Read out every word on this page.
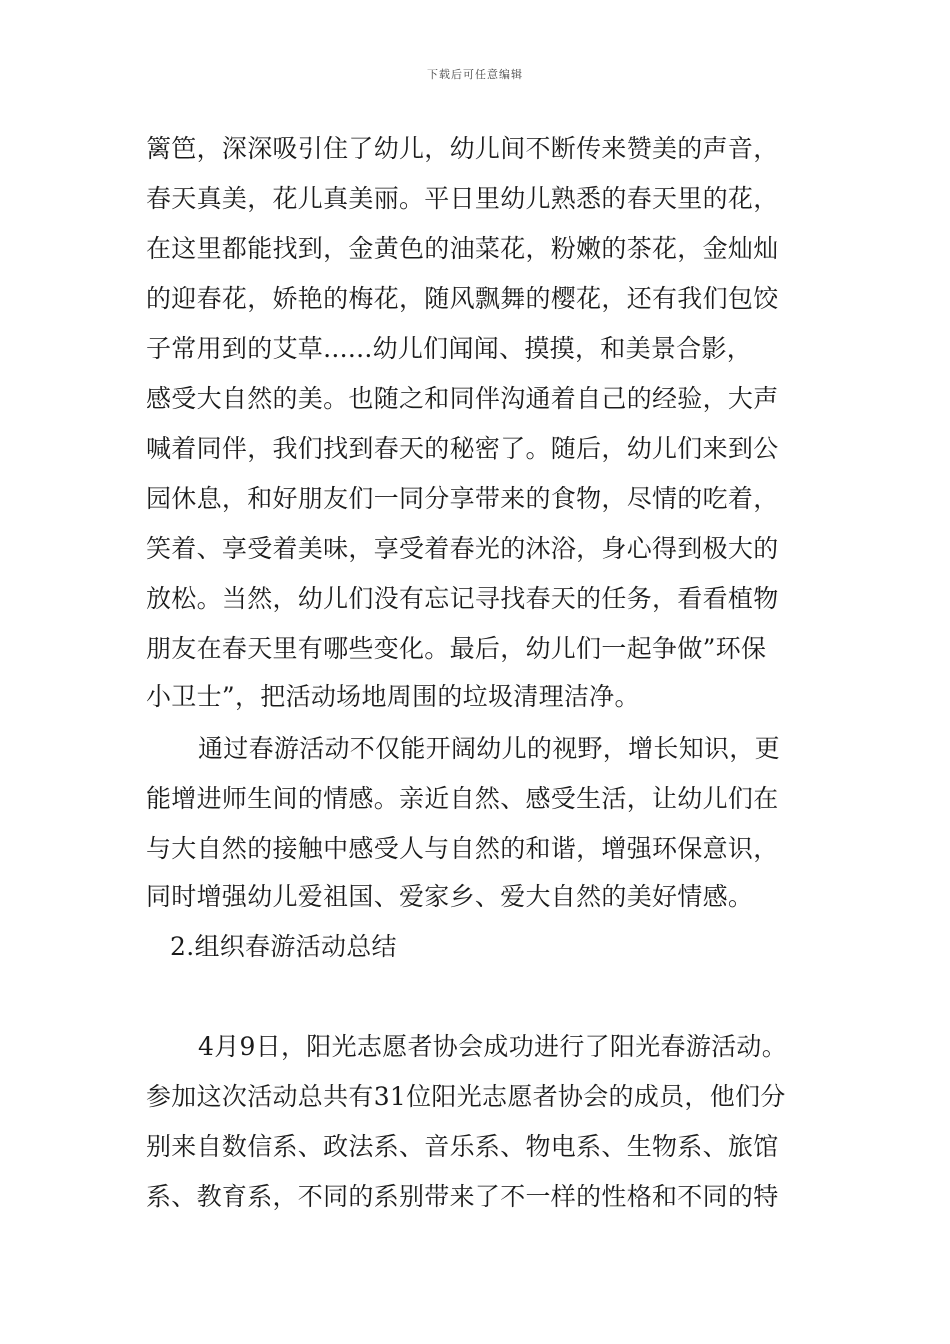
下载后可任意编辑
篱笆，深深吸引住了幼儿，幼儿间不断传来赞美的声音，
春天真美，花儿真美丽。平日里幼儿熟悉的春天里的花，
在这里都能找到，金黄色的油菜花，粉嫩的茶花，金灿灿
的迎春花，娇艳的梅花，随风飘舞的樱花，还有我们包饺
子常用到的艾草......幼儿们闻闻、摸摸，和美景合影，
感受大自然的美。也随之和同伴沟通着自己的经验，大声
喊着同伴，我们找到春天的秘密了。随后，幼儿们来到公
园休息，和好朋友们一同分享带来的食物，尽情的吃着，
笑着、享受着美味，享受着春光的沐浴，身心得到极大的
放松。当然，幼儿们没有忘记寻找春天的任务，看看植物
朋友在春天里有哪些变化。最后，幼儿们一起争做”环保
小卫士”，把活动场地周围的垃圾清理洁净。
通过春游活动不仅能开阔幼儿的视野，增长知识，更
能增进师生间的情感。亲近自然、感受生活，让幼儿们在
与大自然的接触中感受人与自然的和谐，增强环保意识，
同时增强幼儿爱祖国、爱家乡、爱大自然的美好情感。
2.组织春游活动总结
4月9日，阳光志愿者协会成功进行了阳光春游活动。
参加这次活动总共有31位阳光志愿者协会的成员，他们分
别来自数信系、政法系、音乐系、物电系、生物系、旅馆
系、教育系，不同的系别带来了不一样的性格和不同的特
